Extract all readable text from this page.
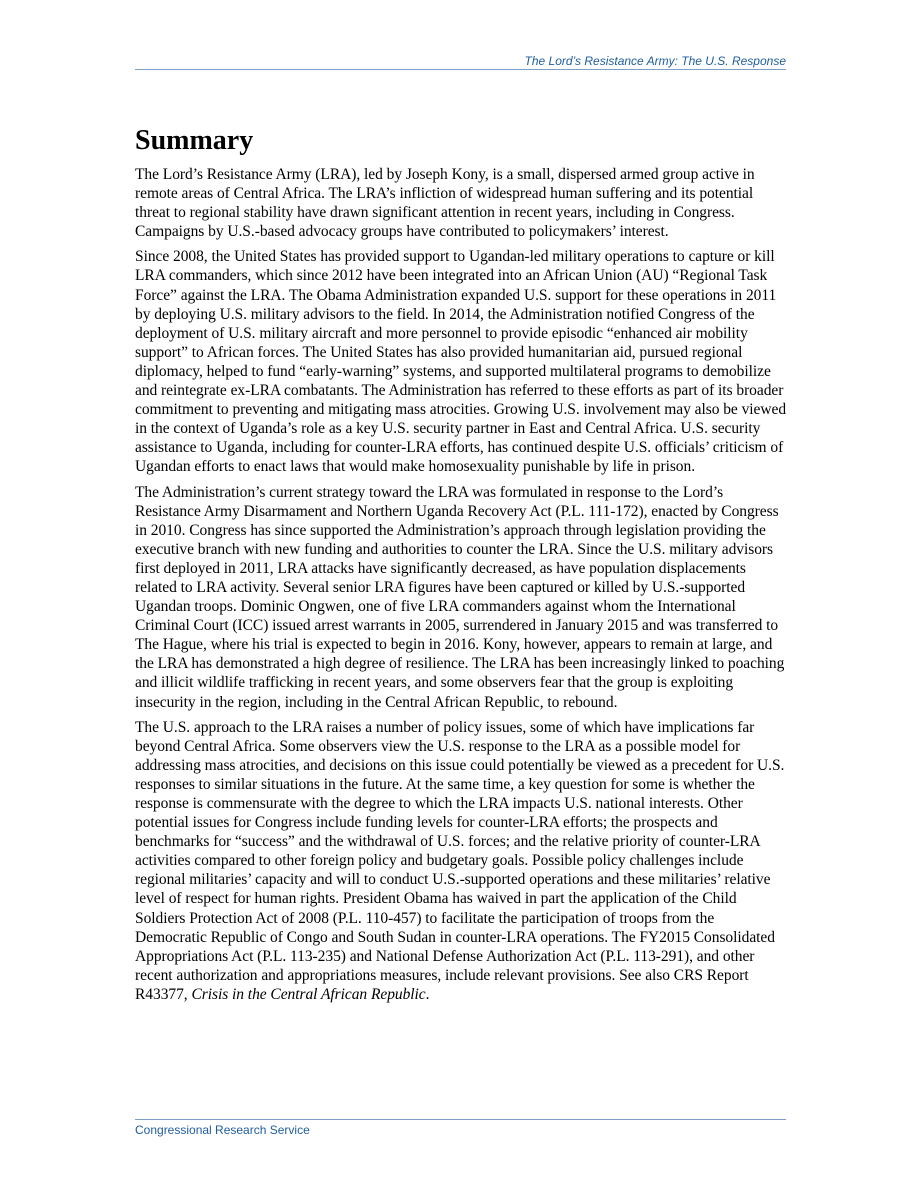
The Lord’s Resistance Army: The U.S. Response
Summary

The Lord’s Resistance Army (LRA), led by Joseph Kony, is a small, dispersed armed group active in remote areas of Central Africa. The LRA’s infliction of widespread human suffering and its potential threat to regional stability have drawn significant attention in recent years, including in Congress. Campaigns by U.S.-based advocacy groups have contributed to policymakers’ interest.

Since 2008, the United States has provided support to Ugandan-led military operations to capture or kill LRA commanders, which since 2012 have been integrated into an African Union (AU) “Regional Task Force” against the LRA. The Obama Administration expanded U.S. support for these operations in 2011 by deploying U.S. military advisors to the field. In 2014, the Administration notified Congress of the deployment of U.S. military aircraft and more personnel to provide episodic “enhanced air mobility support” to African forces. The United States has also provided humanitarian aid, pursued regional diplomacy, helped to fund “early-warning” systems, and supported multilateral programs to demobilize and reintegrate ex-LRA combatants. The Administration has referred to these efforts as part of its broader commitment to preventing and mitigating mass atrocities. Growing U.S. involvement may also be viewed in the context of Uganda’s role as a key U.S. security partner in East and Central Africa. U.S. security assistance to Uganda, including for counter-LRA efforts, has continued despite U.S. officials’ criticism of Ugandan efforts to enact laws that would make homosexuality punishable by life in prison.

The Administration’s current strategy toward the LRA was formulated in response to the Lord’s Resistance Army Disarmament and Northern Uganda Recovery Act (P.L. 111-172), enacted by Congress in 2010. Congress has since supported the Administration’s approach through legislation providing the executive branch with new funding and authorities to counter the LRA. Since the U.S. military advisors first deployed in 2011, LRA attacks have significantly decreased, as have population displacements related to LRA activity. Several senior LRA figures have been captured or killed by U.S.-supported Ugandan troops. Dominic Ongwen, one of five LRA commanders against whom the International Criminal Court (ICC) issued arrest warrants in 2005, surrendered in January 2015 and was transferred to The Hague, where his trial is expected to begin in 2016. Kony, however, appears to remain at large, and the LRA has demonstrated a high degree of resilience. The LRA has been increasingly linked to poaching and illicit wildlife trafficking in recent years, and some observers fear that the group is exploiting insecurity in the region, including in the Central African Republic, to rebound.

The U.S. approach to the LRA raises a number of policy issues, some of which have implications far beyond Central Africa. Some observers view the U.S. response to the LRA as a possible model for addressing mass atrocities, and decisions on this issue could potentially be viewed as a precedent for U.S. responses to similar situations in the future. At the same time, a key question for some is whether the response is commensurate with the degree to which the LRA impacts U.S. national interests. Other potential issues for Congress include funding levels for counter-LRA efforts; the prospects and benchmarks for “success” and the withdrawal of U.S. forces; and the relative priority of counter-LRA activities compared to other foreign policy and budgetary goals. Possible policy challenges include regional militaries’ capacity and will to conduct U.S.-supported operations and these militaries’ relative level of respect for human rights. President Obama has waived in part the application of the Child Soldiers Protection Act of 2008 (P.L. 110-457) to facilitate the participation of troops from the Democratic Republic of Congo and South Sudan in counter-LRA operations. The FY2015 Consolidated Appropriations Act (P.L. 113-235) and National Defense Authorization Act (P.L. 113-291), and other recent authorization and appropriations measures, include relevant provisions. See also CRS Report R43377, Crisis in the Central African Republic.

Congressional Research Service
